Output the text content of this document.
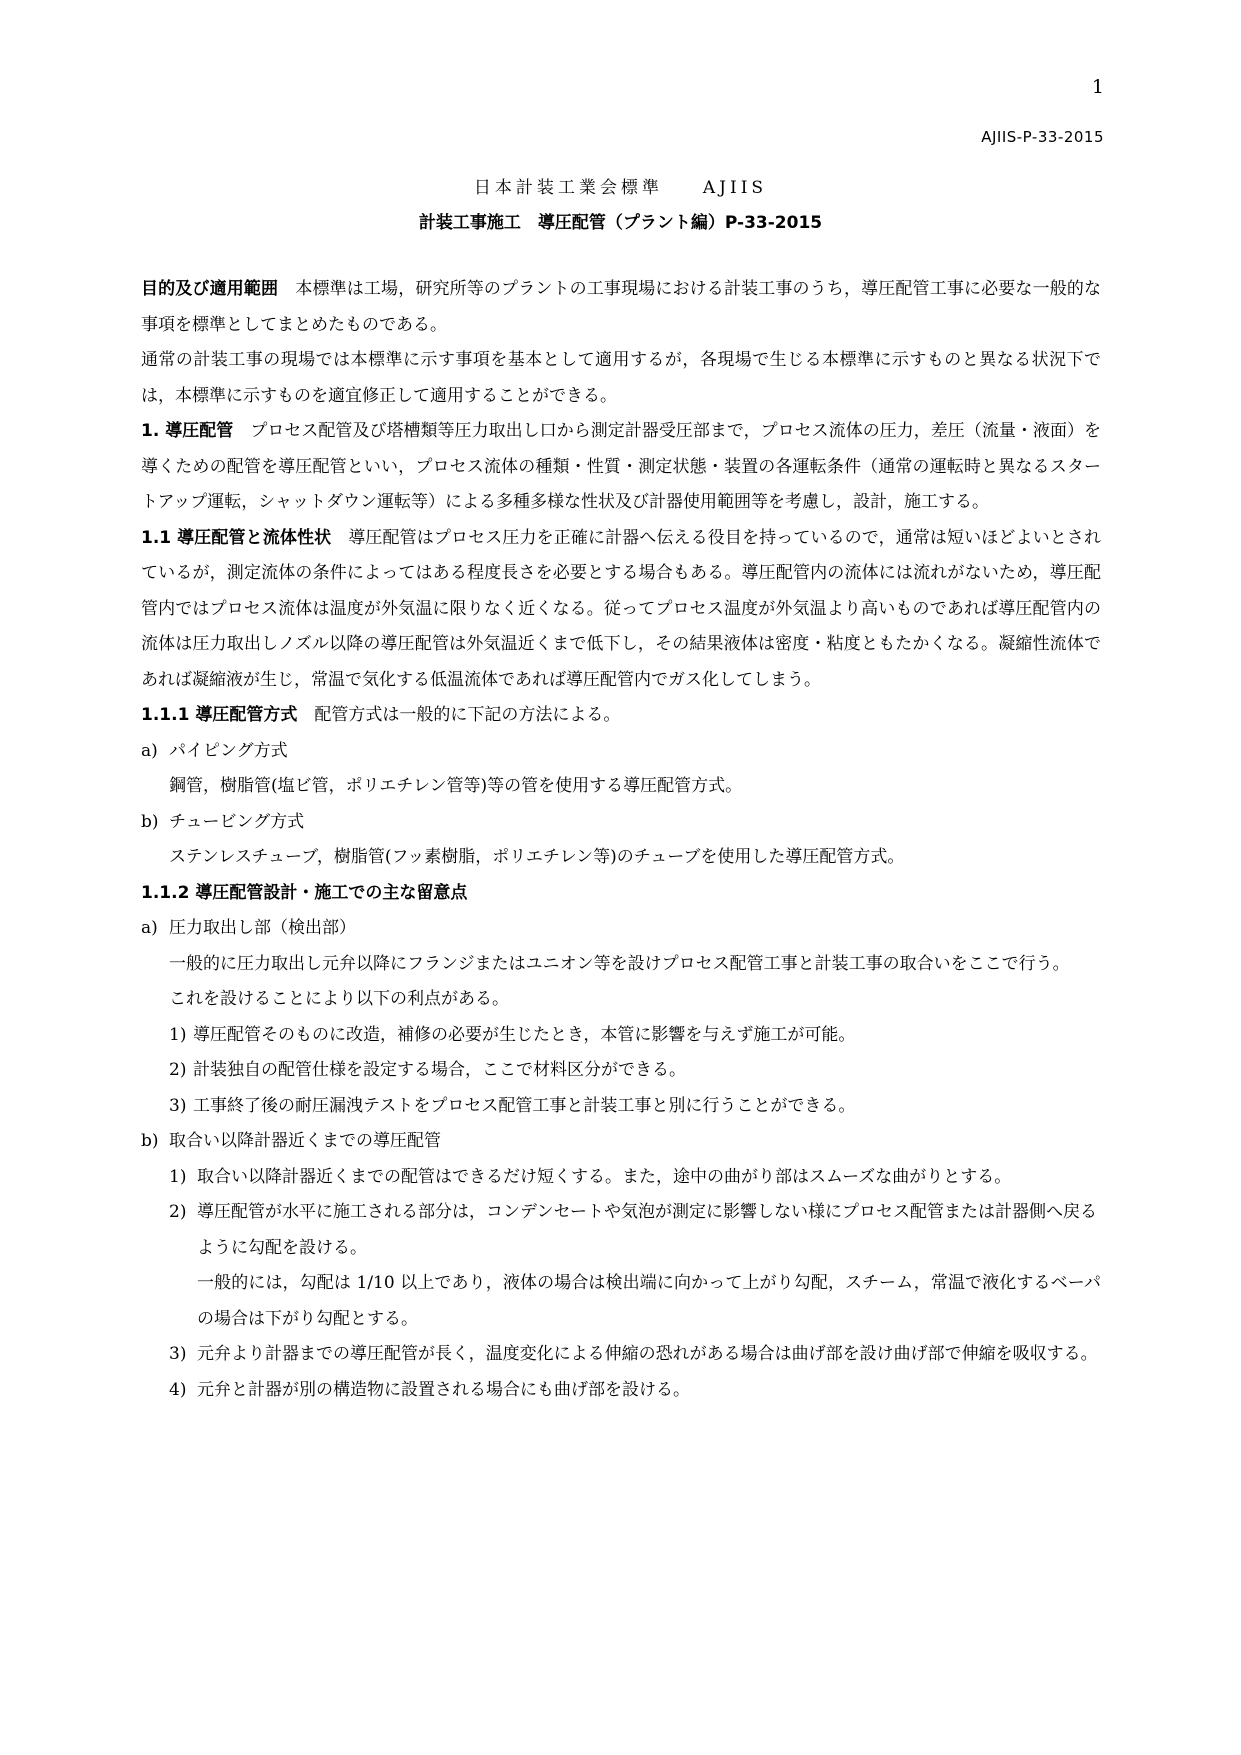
1
AJIIS-P-33-2015
日本計装工業会標準 AJIIS
計装工事施工　導圧配管（プラント編）P-33-2015

目的及び適用範囲　本標準は工場，研究所等のプラントの工事現場における計装工事のうち，導圧配管工事に必要な一般的な事項を標準としてまとめたものである。

通常の計装工事の現場では本標準に示す事項を基本として適用するが，各現場で生じる本標準に示すものと異なる状況下では，本標準に示すものを適宜修正して適用することができる。

1. 導圧配管　プロセス配管及び塔槽類等圧力取出し口から測定計器受圧部まで，プロセス流体の圧力，差圧（流量・液面）を導くための配管を導圧配管といい，プロセス流体の種類・性質・測定状態・装置の各運転条件（通常の運転時と異なるスタートアップ運転，シャットダウン運転等）による多種多様な性状及び計器使用範囲等を考慮し，設計，施工する。

1.1 導圧配管と流体性状　導圧配管はプロセス圧力を正確に計器へ伝える役目を持っているので，通常は短いほどよいとされているが，測定流体の条件によってはある程度長さを必要とする場合もある。導圧配管内の流体には流れがないため，導圧配管内ではプロセス流体は温度が外気温に限りなく近くなる。従ってプロセス温度が外気温より高いものであれば導圧配管内の流体は圧力取出しノズル以降の導圧配管は外気温近くまで低下し，その結果液体は密度・粘度ともたかくなる。凝縮性流体であれば凝縮液が生じ，常温で気化する低温流体であれば導圧配管内でガス化してしまう。

1.1.1 導圧配管方式　配管方式は一般的に下記の方法による。

a) パイピング方式

鋼管，樹脂管(塩ビ管，ポリエチレン管等)等の管を使用する導圧配管方式。

b) チュービング方式

ステンレスチューブ，樹脂管(フッ素樹脂，ポリエチレン等)のチューブを使用した導圧配管方式。

1.1.2 導圧配管設計・施工での主な留意点

a) 圧力取出し部（検出部）

一般的に圧力取出し元弁以降にフランジまたはユニオン等を設けプロセス配管工事と計装工事の取合いをここで行う。

これを設けることにより以下の利点がある。

1) 導圧配管そのものに改造，補修の必要が生じたとき，本管に影響を与えず施工が可能。
2) 計装独自の配管仕様を設定する場合，ここで材料区分ができる。
3) 工事終了後の耐圧漏洩テストをプロセス配管工事と計装工事と別に行うことができる。

b) 取合い以降計器近くまでの導圧配管

1) 取合い以降計器近くまでの配管はできるだけ短くする。また，途中の曲がり部はスムーズな曲がりとする。
2) 導圧配管が水平に施工される部分は，コンデンセートや気泡が測定に影響しない様にプロセス配管または計器側へ戻るように勾配を設ける。

一般的には，勾配は 1/10 以上であり，液体の場合は検出端に向かって上がり勾配，スチーム，常温で液化するベーパの場合は下がり勾配とする。

3) 元弁より計器までの導圧配管が長く，温度変化による伸縮の恐れがある場合は曲げ部を設け曲げ部で伸縮を吸収する。
4) 元弁と計器が別の構造物に設置される場合にも曲げ部を設ける。
